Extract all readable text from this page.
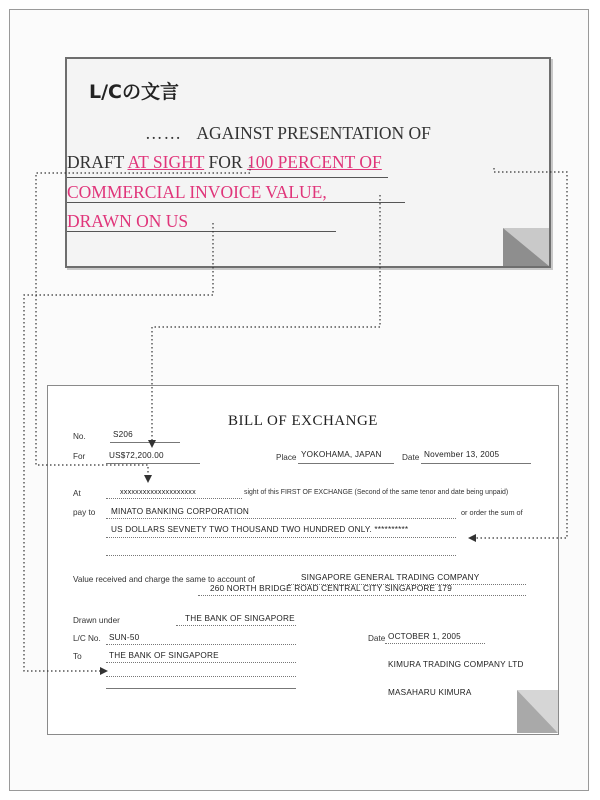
L/Cの文言
…… AGAINST PRESENTATION OF
DRAFT AT SIGHT FOR 100 PERCENT OF
COMMERCIAL INVOICE VALUE,
DRAWN ON US
BILL OF EXCHANGE
No.	S206
For	US$72,200.00	Place YOKOHAMA, JAPAN Date November 13, 2005
At	xxxxxxxxxxxxxxxxxxxx	sight of this FIRST OF EXCHANGE (Second of the same tenor and date being unpaid)
pay to MINATO BANKING CORPORATION	or order the sum of
US DOLLARS SEVNETY TWO THOUSAND TWO HUNDRED ONLY. **********
Value received and charge the same to account of	SINGAPORE GENERAL TRADING COMPANY
260 NORTH BRIDGE ROAD CENTRAL CITY SINGAPORE 179
Drawn under	THE BANK OF SINGAPORE
L/C No. SUN-50	Date OCTOBER 1, 2005
To	THE BANK OF SINGAPORE
KIMURA TRADING COMPANY LTD
MASAHARU KIMURA
